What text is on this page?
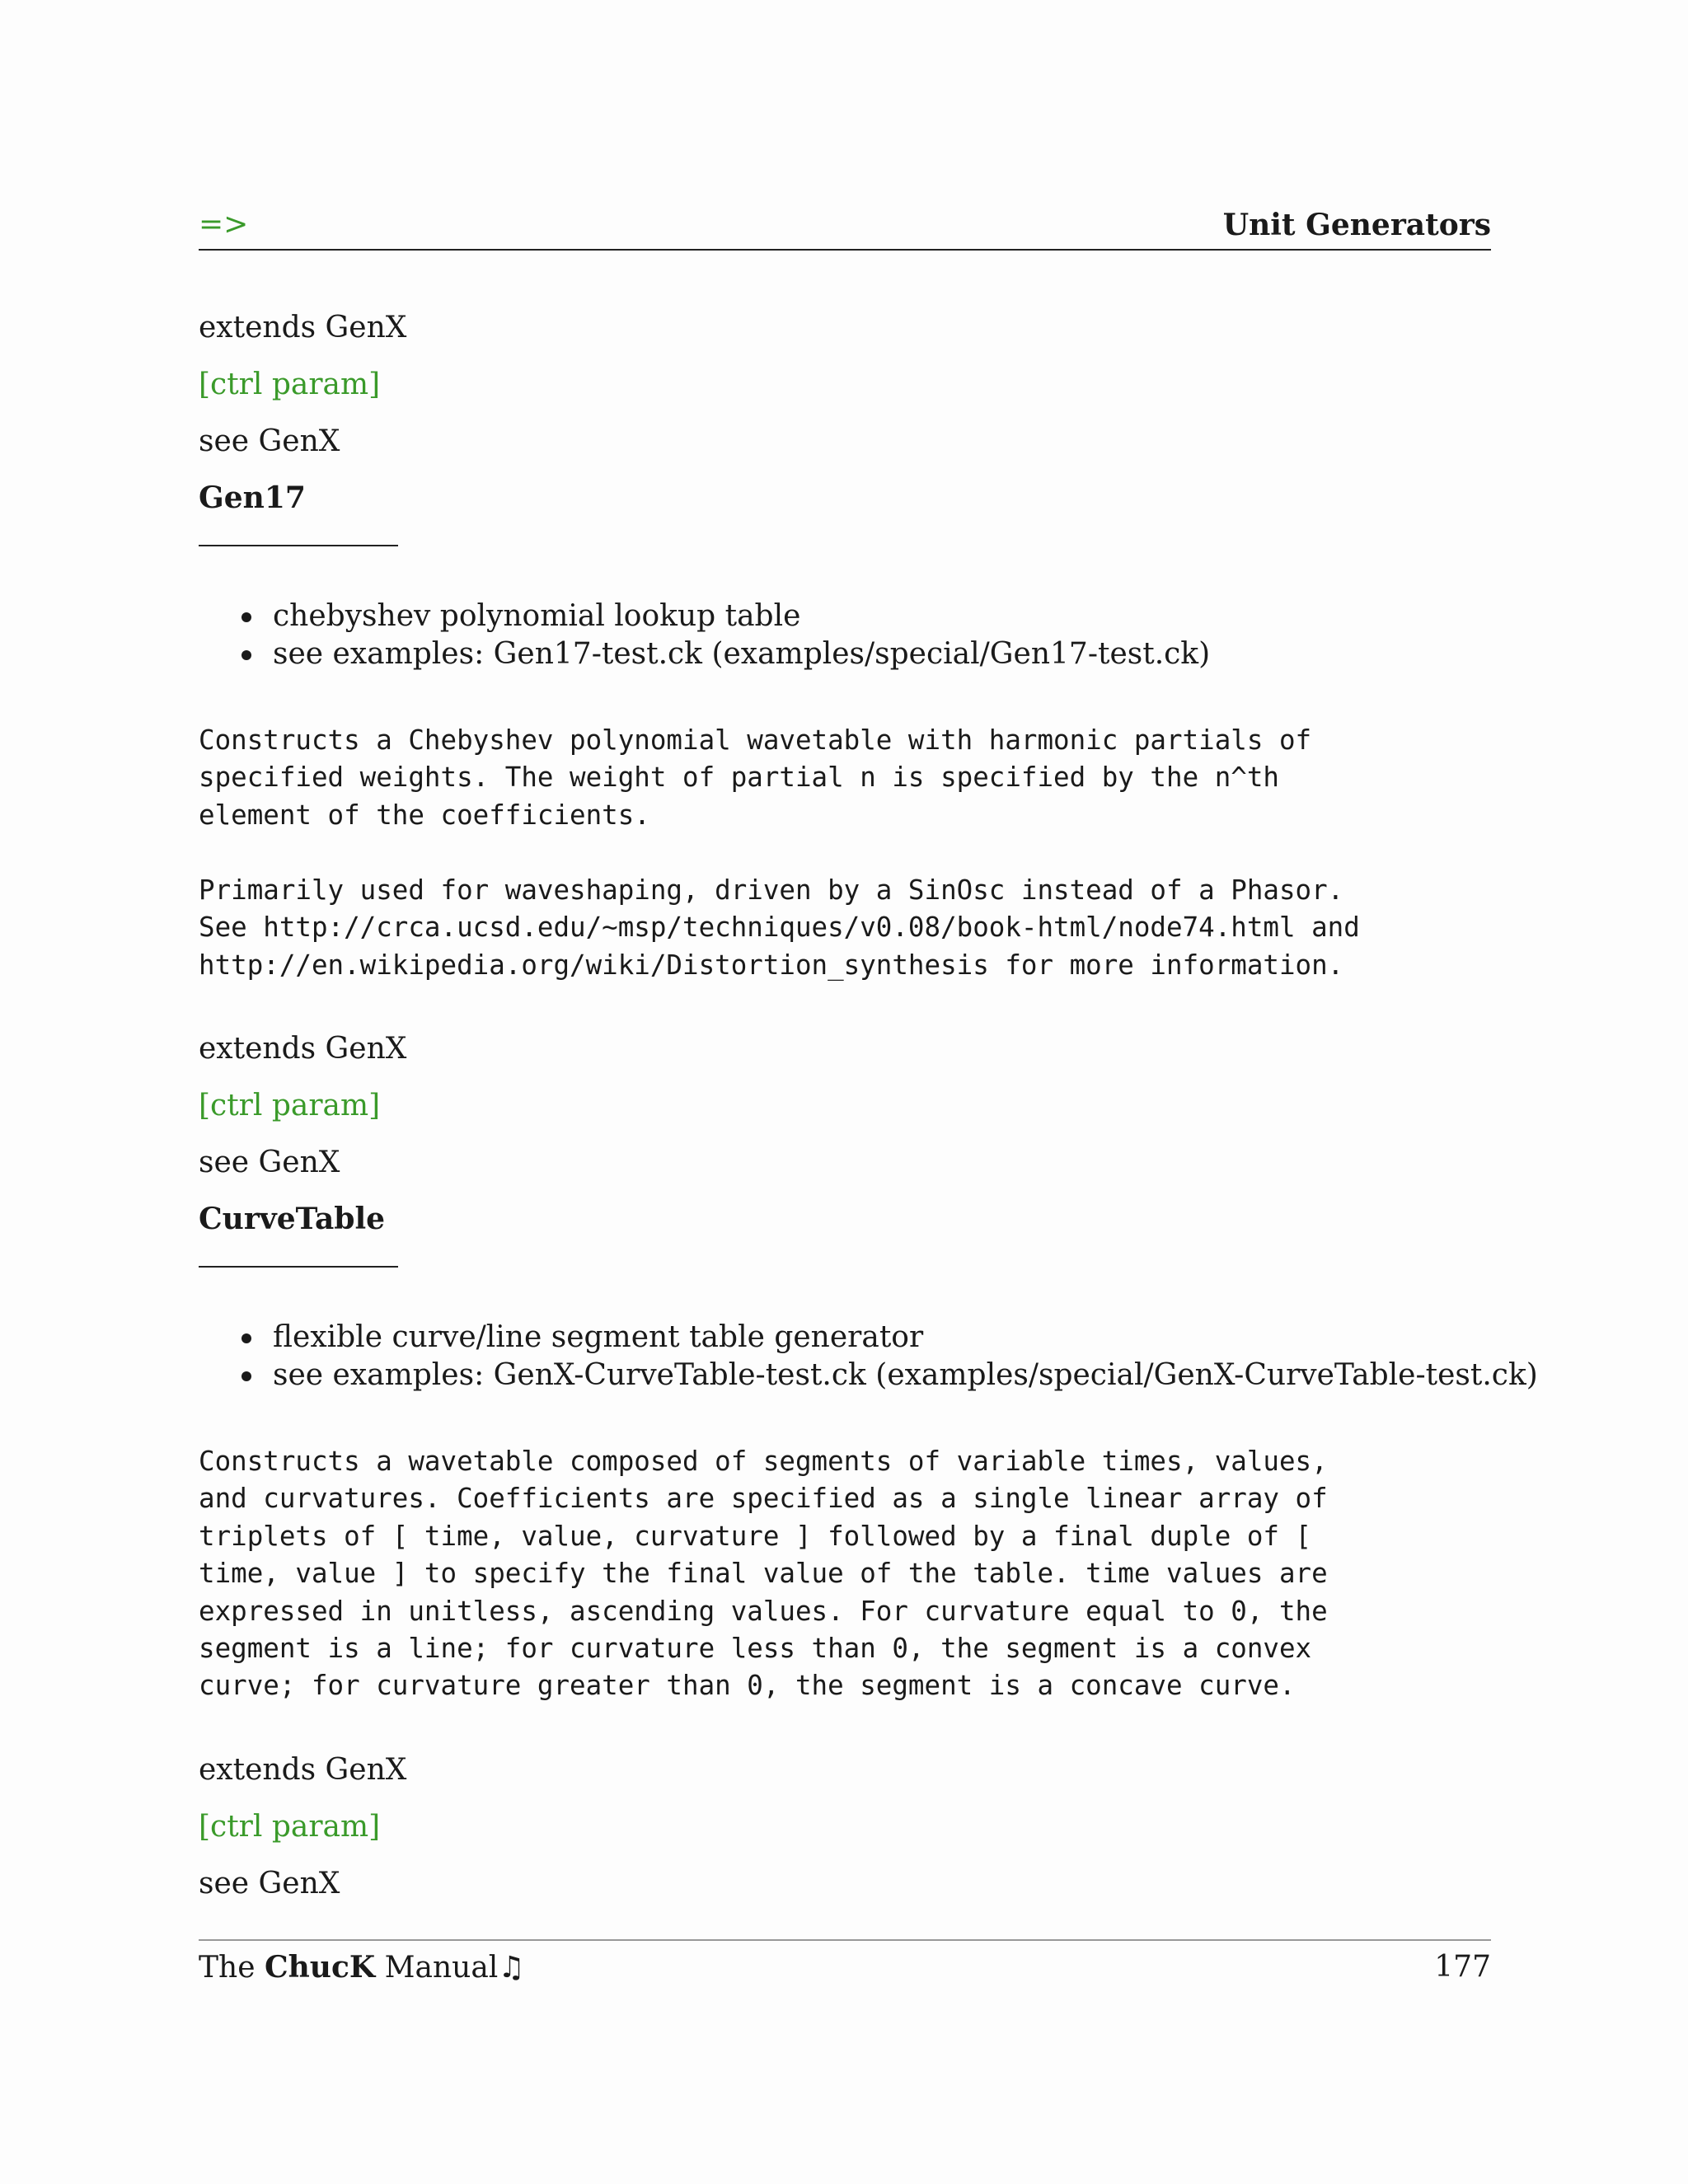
=>	Unit Generators
extends GenX
[ctrl param]
see GenX
Gen17
chebyshev polynomial lookup table
see examples: Gen17-test.ck (examples/special/Gen17-test.ck)
Constructs a Chebyshev polynomial wavetable with harmonic partials of
specified weights. The weight of partial n is specified by the n^th
element of the coefficients.
Primarily used for waveshaping, driven by a SinOsc instead of a Phasor.
See http://crca.ucsd.edu/~msp/techniques/v0.08/book-html/node74.html and
http://en.wikipedia.org/wiki/Distortion_synthesis for more information.
extends GenX
[ctrl param]
see GenX
CurveTable
flexible curve/line segment table generator
see examples: GenX-CurveTable-test.ck (examples/special/GenX-CurveTable-test.ck)
Constructs a wavetable composed of segments of variable times, values,
and curvatures. Coefficients are specified as a single linear array of
triplets of [ time, value, curvature ] followed by a final duple of [
time, value ] to specify the final value of the table. time values are
expressed in unitless, ascending values. For curvature equal to 0, the
segment is a line; for curvature less than 0, the segment is a convex
curve; for curvature greater than 0, the segment is a concave curve.
extends GenX
[ctrl param]
see GenX
The ChucK Manual♫	177
